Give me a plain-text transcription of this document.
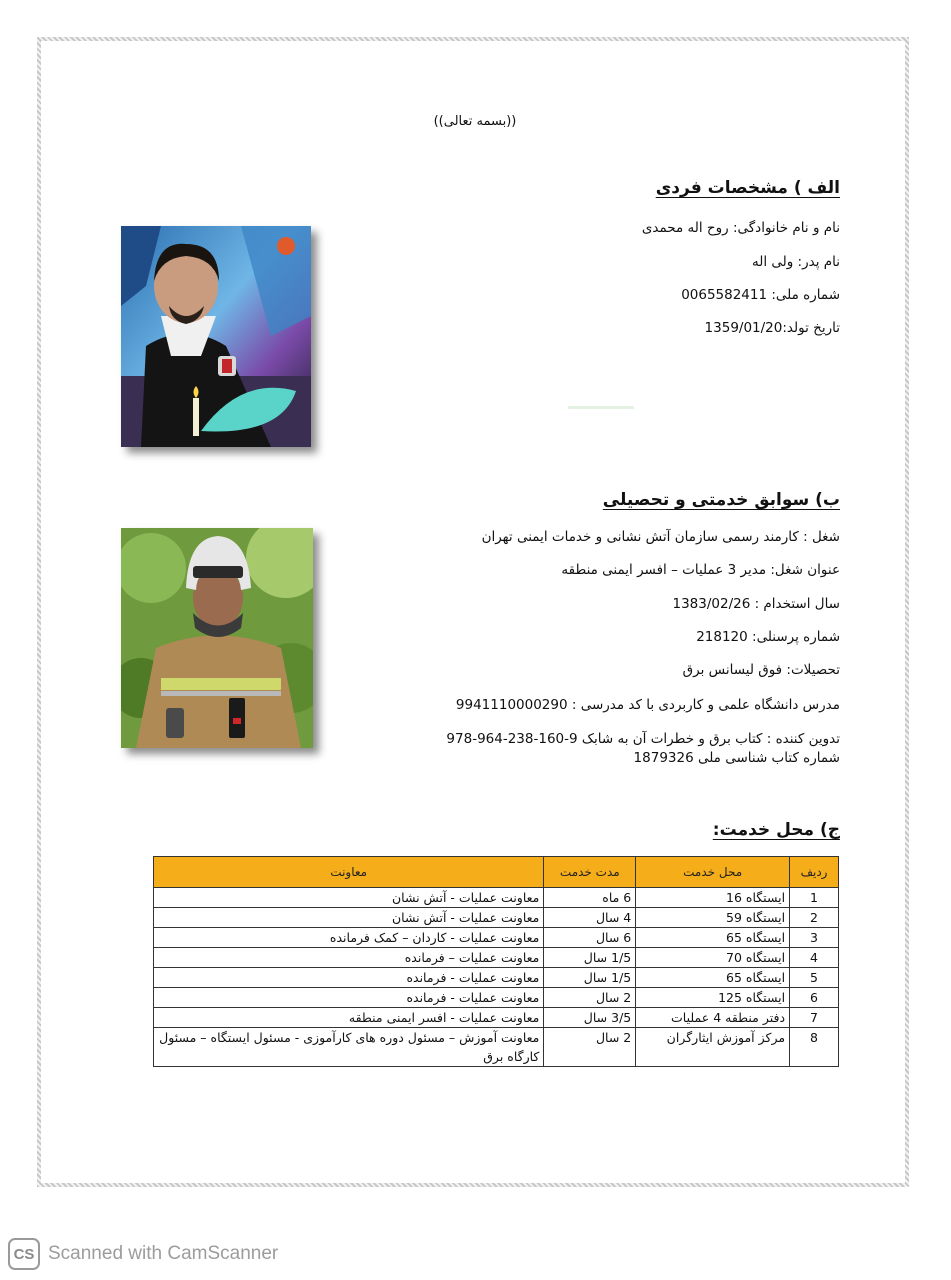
((بسمه تعالی))
الف ) مشخصات فردی
نام و نام خانوادگی: روح اله محمدی
نام پدر: ولی اله
شماره ملی: 0065582411
تاریخ تولد:1359/01/20
ب) سوابق خدمتی و تحصیلی
شغل : کارمند رسمی سازمان آتش نشانی و خدمات ایمنی تهران
عنوان شغل: مدیر 3 عملیات – افسر ایمنی منطقه
سال استخدام : 1383/02/26
شماره پرسنلی: 218120
تحصیلات: فوق لیسانس برق
مدرس دانشگاه علمی و کاربردی با کد مدرسی : 9941110000290
تدوین کننده : کتاب برق و خطرات آن به شابک 9-160-238-964-978
شماره کتاب شناسی ملی 1879326
ج) محل خدمت:
ردیف	محل خدمت	مدت خدمت	معاونت
1	ایستگاه 16	6 ماه	معاونت عملیات - آتش نشان
2	ایستگاه 59	4 سال	معاونت عملیات - آتش نشان
3	ایستگاه 65	6 سال	معاونت عملیات - کاردان – کمک فرمانده
4	ایستگاه 70	1/5 سال	معاونت عملیات – فرمانده
5	ایستگاه 65	1/5 سال	معاونت عملیات - فرمانده
6	ایستگاه 125	2 سال	معاونت عملیات - فرمانده
7	دفتر منطقه 4 عملیات	3/5 سال	معاونت عملیات - افسر ایمنی منطقه
8	مرکز آموزش ایثارگران	2 سال	معاونت آموزش – مسئول دوره های کارآموزی - مسئول ایستگاه – مسئول کارگاه برق
CS Scanned with CamScanner
